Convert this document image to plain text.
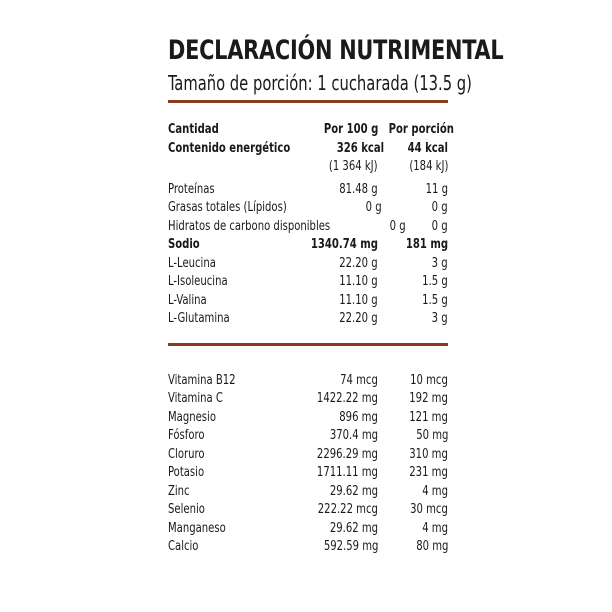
DECLARACIÓN NUTRIMENTAL
Tamaño de porción: 1 cucharada (13.5 g)
Cantidad	Por 100 g Por porción
Contenido energético	326 kcal	44 kcal
(1 364 kJ)	(184 kJ)
Proteínas	81.48 g	11 g
Grasas totales (Lípidos)	0 g	0 g
Hidratos de carbono disponibles	0 g	0 g
Sodio	1340.74 mg	181 mg
L-Leucina	22.20 g	3 g
L-Isoleucina	11.10 g	1.5 g
L-Valina	11.10 g	1.5 g
L-Glutamina	22.20 g	3 g
Vitamina B12	74 mcg	10 mcg
Vitamina C	1422.22 mg	192 mg
Magnesio	896 mg	121 mg
Fósforo	370.4 mg	50 mg
Cloruro	2296.29 mg	310 mg
Potasio	1711.11 mg	231 mg
Zinc	29.62 mg	4 mg
Selenio	222.22 mcg	30 mcg
Manganeso	29.62 mg	4 mg
Calcio	592.59 mg	80 mg
